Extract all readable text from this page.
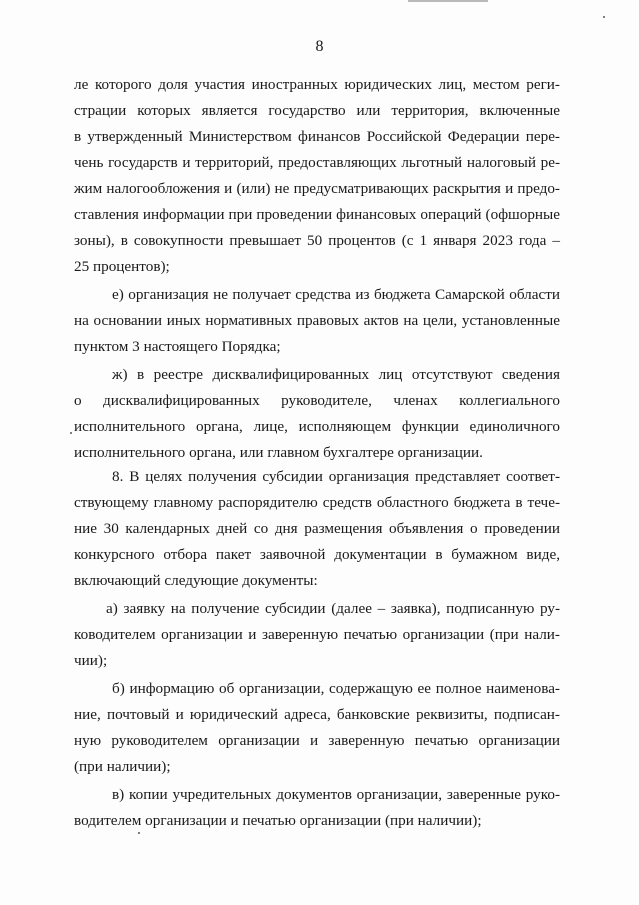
8
ле которого доля участия иностранных юридических лиц, местом реги-
страции которых является государство или территория, включенные
в утвержденный Министерством финансов Российской Федерации пере-
чень государств и территорий, предоставляющих льготный налоговый ре-
жим налогообложения и (или) не предусматривающих раскрытия и предо-
ставления информации при проведении финансовых операций (офшорные
зоны), в совокупности превышает 50 процентов (с 1 января 2023 года –
25 процентов);
е) организация не получает средства из бюджета Самарской области
на основании иных нормативных правовых актов на цели, установленные
пунктом 3 настоящего Порядка;
ж) в реестре дисквалифицированных лиц отсутствуют сведения
о дисквалифицированных руководителе, членах коллегиального
исполнительного органа, лице, исполняющем функции единоличного
исполнительного органа, или главном бухгалтере организации.
8. В целях получения субсидии организация представляет соответ-
ствующему главному распорядителю средств областного бюджета в тече-
ние 30 календарных дней со дня размещения объявления о проведении
конкурсного отбора пакет заявочной документации в бумажном виде,
включающий следующие документы:
а) заявку на получение субсидии (далее – заявка), подписанную ру-
ководителем организации и заверенную печатью организации (при нали-
чии);
б) информацию об организации, содержащую ее полное наименова-
ние, почтовый и юридический адреса, банковские реквизиты, подписан-
ную руководителем организации и заверенную печатью организации
(при наличии);
в) копии учредительных документов организации, заверенные руко-
водителем организации и печатью организации (при наличии);
